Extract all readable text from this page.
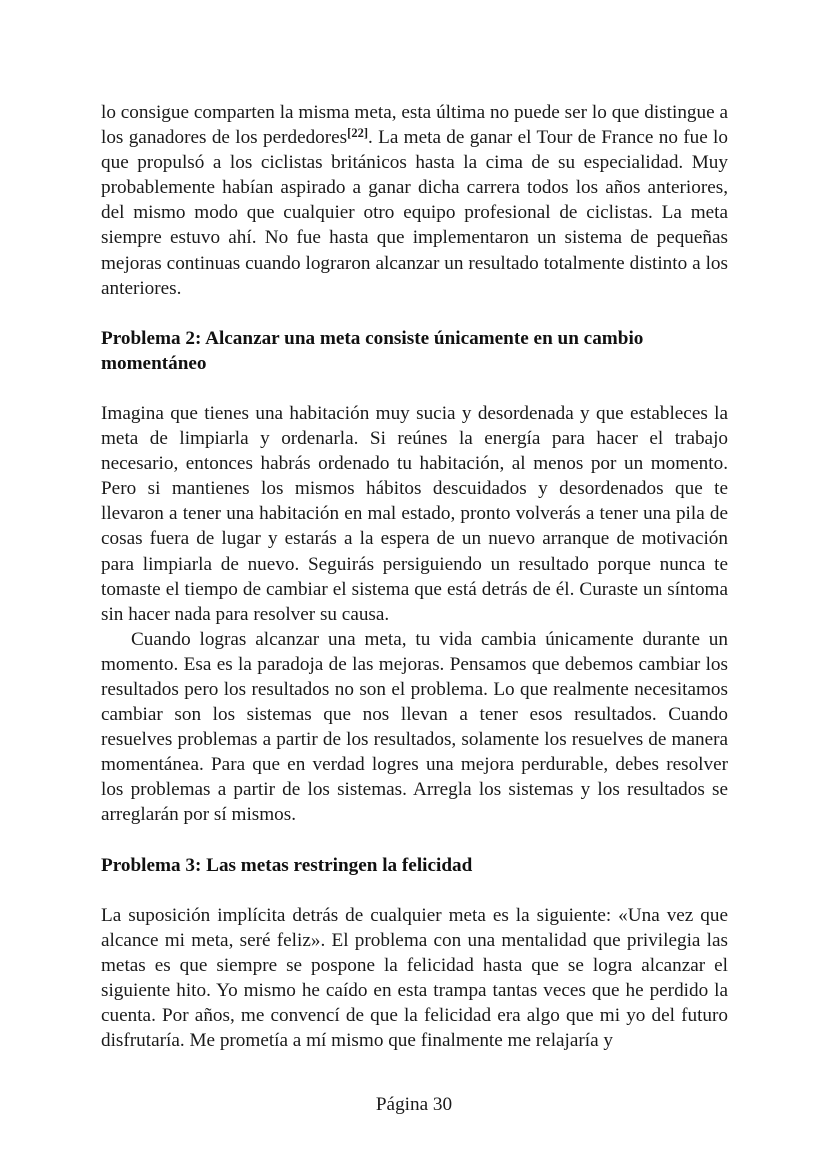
lo consigue comparten la misma meta, esta última no puede ser lo que distingue a los ganadores de los perdedores[22]. La meta de ganar el Tour de France no fue lo que propulsó a los ciclistas británicos hasta la cima de su especialidad. Muy probablemente habían aspirado a ganar dicha carrera todos los años anteriores, del mismo modo que cualquier otro equipo profesional de ciclistas. La meta siempre estuvo ahí. No fue hasta que implementaron un sistema de pequeñas mejoras continuas cuando lograron alcanzar un resultado totalmente distinto a los anteriores.

Problema 2: Alcanzar una meta consiste únicamente en un cambio momentáneo

Imagina que tienes una habitación muy sucia y desordenada y que estableces la meta de limpiarla y ordenarla. Si reúnes la energía para hacer el trabajo necesario, entonces habrás ordenado tu habitación, al menos por un momento. Pero si mantienes los mismos hábitos descuidados y desordenados que te llevaron a tener una habitación en mal estado, pronto volverás a tener una pila de cosas fuera de lugar y estarás a la espera de un nuevo arranque de motivación para limpiarla de nuevo. Seguirás persiguiendo un resultado porque nunca te tomaste el tiempo de cambiar el sistema que está detrás de él. Curaste un síntoma sin hacer nada para resolver su causa.

Cuando logras alcanzar una meta, tu vida cambia únicamente durante un momento. Esa es la paradoja de las mejoras. Pensamos que debemos cambiar los resultados pero los resultados no son el problema. Lo que realmente necesitamos cambiar son los sistemas que nos llevan a tener esos resultados. Cuando resuelves problemas a partir de los resultados, solamente los resuelves de manera momentánea. Para que en verdad logres una mejora perdurable, debes resolver los problemas a partir de los sistemas. Arregla los sistemas y los resultados se arreglarán por sí mismos.

Problema 3: Las metas restringen la felicidad

La suposición implícita detrás de cualquier meta es la siguiente: «Una vez que alcance mi meta, seré feliz». El problema con una mentalidad que privilegia las metas es que siempre se pospone la felicidad hasta que se logra alcanzar el siguiente hito. Yo mismo he caído en esta trampa tantas veces que he perdido la cuenta. Por años, me convencí de que la felicidad era algo que mi yo del futuro disfrutaría. Me prometía a mí mismo que finalmente me relajaría y

Página 30
